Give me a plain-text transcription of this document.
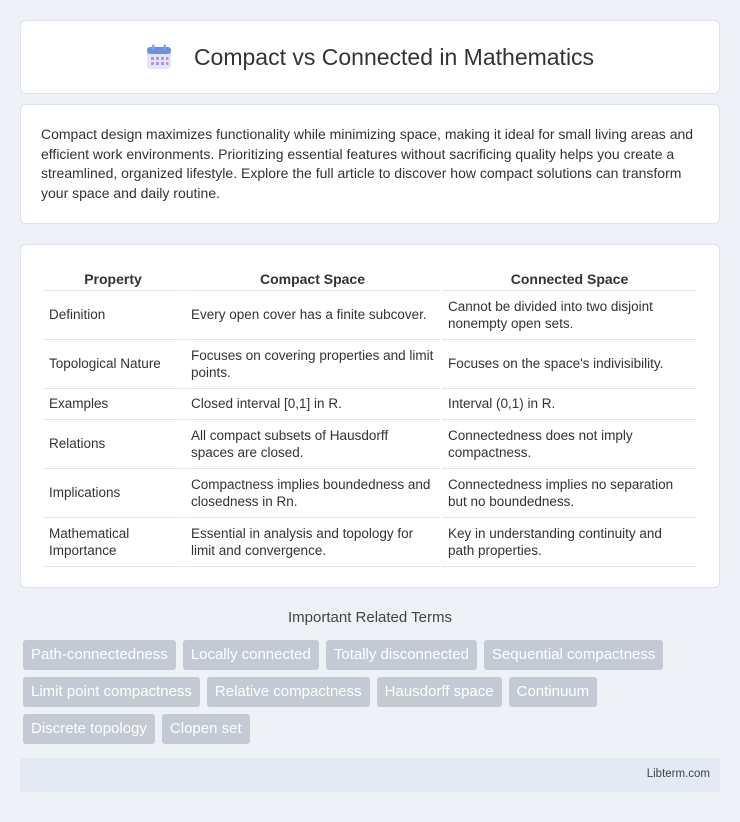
Compact vs Connected in Mathematics

Compact design maximizes functionality while minimizing space, making it ideal for small living areas and efficient work environments. Prioritizing essential features without sacrificing quality helps you create a streamlined, organized lifestyle. Explore the full article to discover how compact solutions can transform your space and daily routine.

Property	Compact Space	Connected Space
Definition	Every open cover has a finite subcover.	Cannot be divided into two disjoint nonempty open sets.
Topological Nature	Focuses on covering properties and limit points.	Focuses on the space's indivisibility.
Examples	Closed interval [0,1] in R.	Interval (0,1) in R.
Relations	All compact subsets of Hausdorff spaces are closed.	Connectedness does not imply compactness.
Implications	Compactness implies boundedness and closedness in Rn.	Connectedness implies no separation but no boundedness.
Mathematical Importance	Essential in analysis and topology for limit and convergence.	Key in understanding continuity and path properties.
Important Related Terms
Path-connectedness	Locally connected	Totally disconnected	Sequential compactness
Limit point compactness	Relative compactness	Hausdorff space	Continuum
Discrete topology	Clopen set
Libterm.com
